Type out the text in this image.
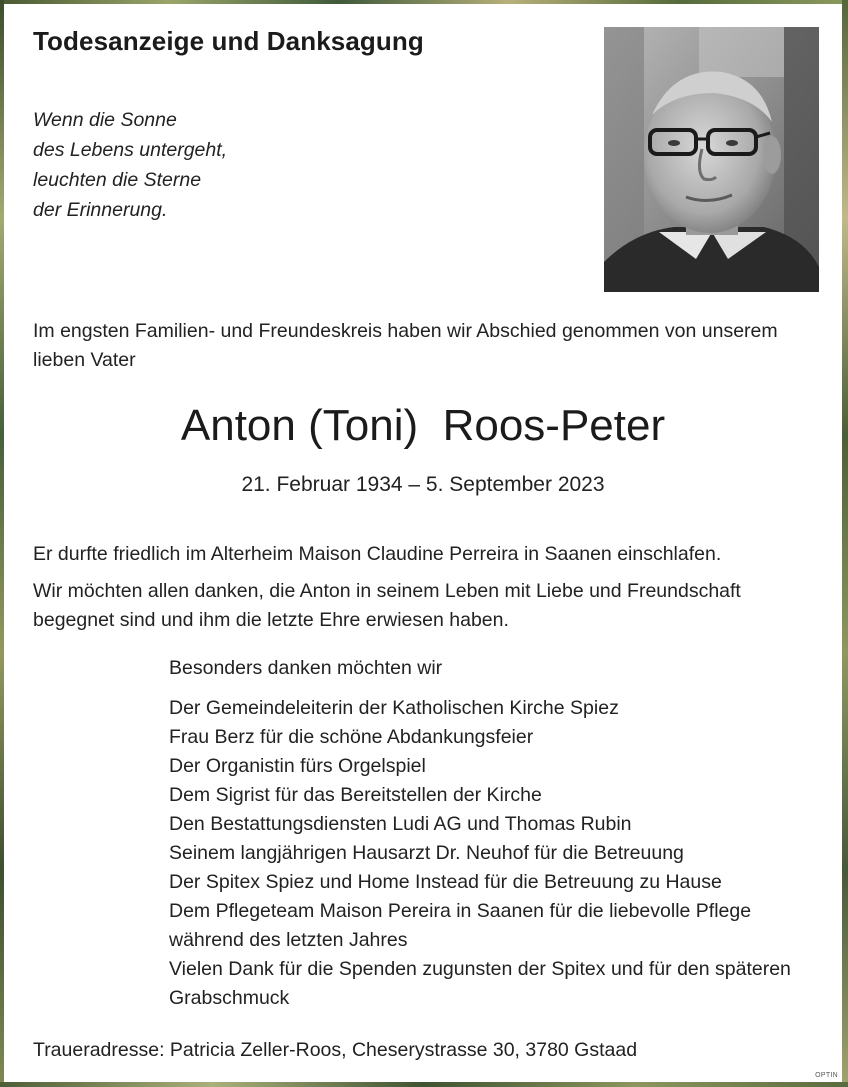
Todesanzeige und Danksagung
Wenn die Sonne
des Lebens untergeht,
leuchten die Sterne
der Erinnerung.

Im engsten Familien- und Freundeskreis haben wir Abschied genommen von unserem lieben Vater

Anton (Toni)  Roos-Peter
21. Februar 1934 – 5. September 2023

Er durfte friedlich im Alterheim Maison Claudine Perreira in Saanen einschlafen.

Wir möchten allen danken, die Anton in seinem Leben mit Liebe und Freundschaft begegnet sind und ihm die letzte Ehre erwiesen haben.

Besonders danken möchten wir
Der Gemeindeleiterin der Katholischen Kirche Spiez
Frau Berz für die schöne Abdankungsfeier
Der Organistin fürs Orgelspiel
Dem Sigrist für das Bereitstellen der Kirche
Den Bestattungsdiensten Ludi AG und Thomas Rubin
Seinem langjährigen Hausarzt Dr. Neuhof für die Betreuung
Der Spitex Spiez und Home Instead für die Betreuung zu Hause
Dem Pflegeteam Maison Pereira in Saanen für die liebevolle Pflege während des letzten Jahres
Vielen Dank für die Spenden zugunsten der Spitex und für den späteren Grabschmuck
Traueradresse: Patricia Zeller-Roos, Cheserystrasse 30, 3780 Gstaad
OPTIN
